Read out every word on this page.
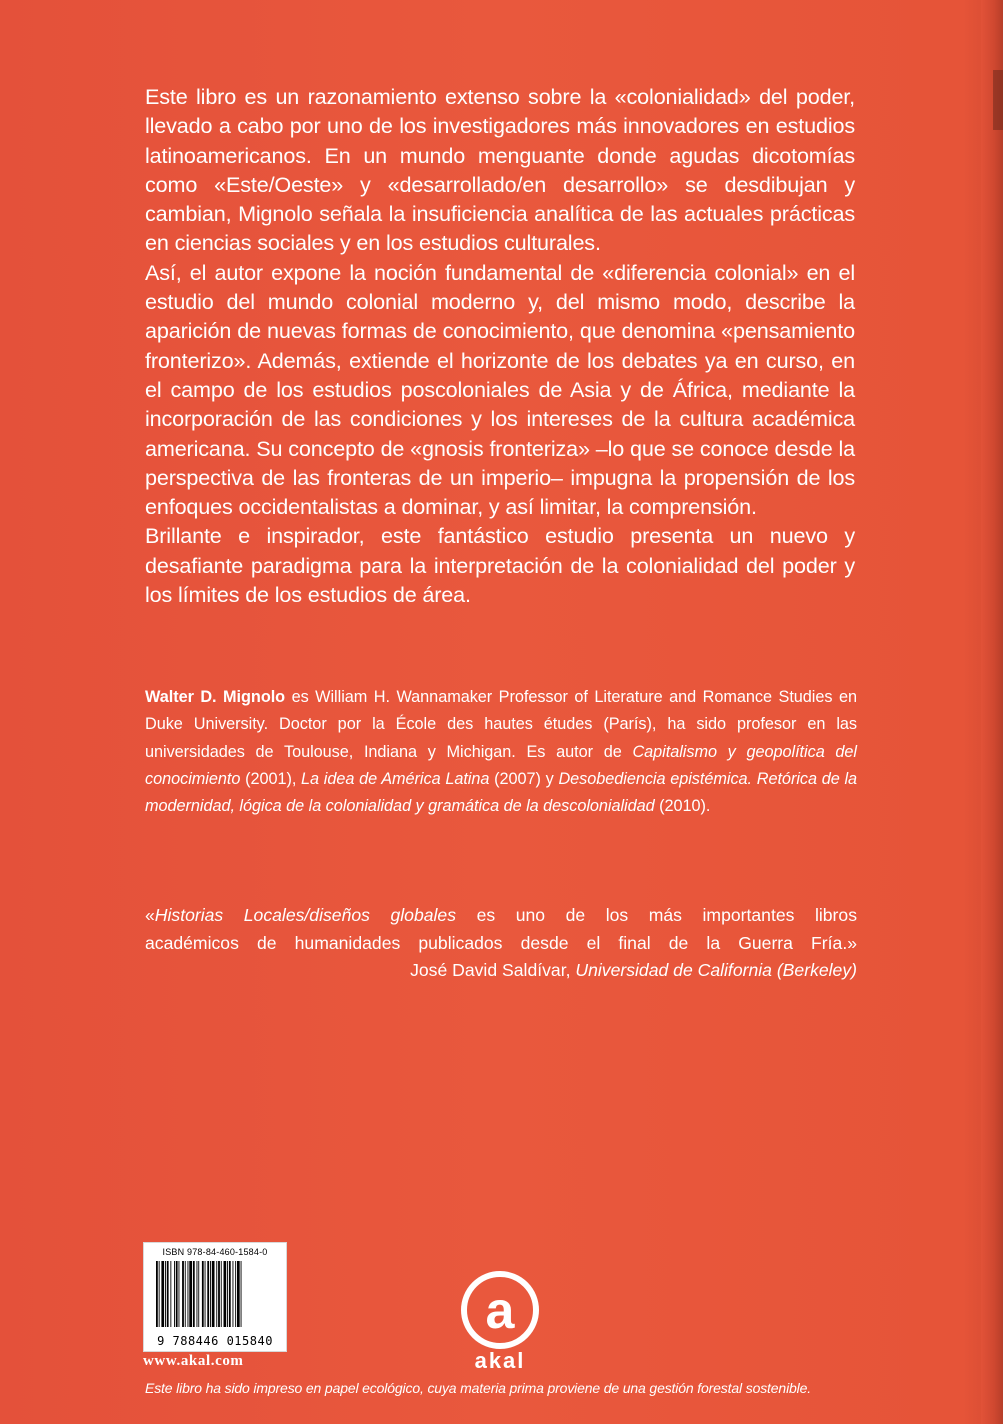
Este libro es un razonamiento extenso sobre la «colonialidad» del poder, llevado a cabo por uno de los investigadores más innovadores en estudios latinoamericanos. En un mundo menguante donde agudas dicotomías como «Este/Oeste» y «desarrollado/en desarrollo» se desdibujan y cambian, Mignolo señala la insuficiencia analítica de las actuales prácticas en ciencias sociales y en los estudios culturales.

Así, el autor expone la noción fundamental de «diferencia colonial» en el estudio del mundo colonial moderno y, del mismo modo, describe la aparición de nuevas formas de conocimiento, que denomina «pensamiento fronterizo». Además, extiende el horizonte de los debates ya en curso, en el campo de los estudios poscoloniales de Asia y de África, mediante la incorporación de las condiciones y los intereses de la cultura académica americana. Su concepto de «gnosis fronteriza» –lo que se conoce desde la perspectiva de las fronteras de un imperio– impugna la propensión de los enfoques occidentalistas a dominar, y así limitar, la comprensión.

Brillante e inspirador, este fantástico estudio presenta un nuevo y desafiante paradigma para la interpretación de la colonialidad del poder y los límites de los estudios de área.

Walter D. Mignolo es William H. Wannamaker Professor of Literature and Romance Studies en Duke University. Doctor por la École des hautes études (París), ha sido profesor en las universidades de Toulouse, Indiana y Michigan. Es autor de Capitalismo y geopolítica del conocimiento (2001), La idea de América Latina (2007) y Desobediencia epistémica. Retórica de la modernidad, lógica de la colonialidad y gramática de la descolonialidad (2010).
«Historias Locales/diseños globales es uno de los más importantes libros
académicos de humanidades publicados desde el final de la Guerra Fría.»
José David Saldívar, Universidad de California (Berkeley)
ISBN 978-84-460-1584-0
9 788446 015840
www.akal.com
a
akal
Este libro ha sido impreso en papel ecológico, cuya materia prima proviene de una gestión forestal sostenible.
